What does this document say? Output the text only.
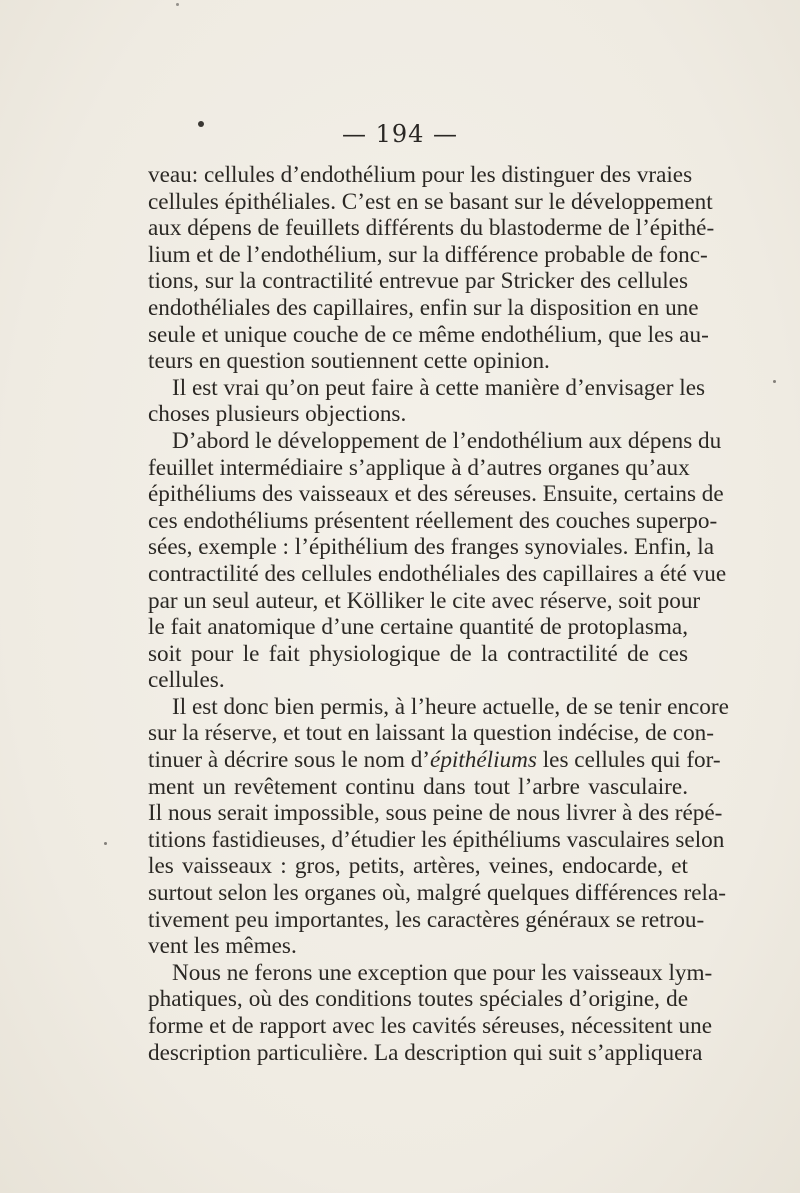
— 194 —
veau: cellules d’endothélium pour les distinguer des vraies
cellules épithéliales. C’est en se basant sur le développement
aux dépens de feuillets différents du blastoderme de l’épithé-
lium et de l’endothélium, sur la différence probable de fonc-
tions, sur la contractilité entrevue par Stricker des cellules
endothéliales des capillaires, enfin sur la disposition en une
seule et unique couche de ce même endothélium, que les au-
teurs en question soutiennent cette opinion.
Il est vrai qu’on peut faire à cette manière d’envisager les
choses plusieurs objections.
D’abord le développement de l’endothélium aux dépens du
feuillet intermédiaire s’applique à d’autres organes qu’aux
épithéliums des vaisseaux et des séreuses. Ensuite, certains de
ces endothéliums présentent réellement des couches superpo-
sées, exemple : l’épithélium des franges synoviales. Enfin, la
contractilité des cellules endothéliales des capillaires a été vue
par un seul auteur, et Kölliker le cite avec réserve, soit pour
le fait anatomique d’une certaine quantité de protoplasma,
soit pour le fait physiologique de la contractilité de ces
cellules.
Il est donc bien permis, à l’heure actuelle, de se tenir encore
sur la réserve, et tout en laissant la question indécise, de con-
tinuer à décrire sous le nom d’épithéliums les cellules qui for-
ment un revêtement continu dans tout l’arbre vasculaire.
Il nous serait impossible, sous peine de nous livrer à des répé-
titions fastidieuses, d’étudier les épithéliums vasculaires selon
les vaisseaux : gros, petits, artères, veines, endocarde, et
surtout selon les organes où, malgré quelques différences rela-
tivement peu importantes, les caractères généraux se retrou-
vent les mêmes.
Nous ne ferons une exception que pour les vaisseaux lym-
phatiques, où des conditions toutes spéciales d’origine, de
forme et de rapport avec les cavités séreuses, nécessitent une
description particulière. La description qui suit s’appliquera
